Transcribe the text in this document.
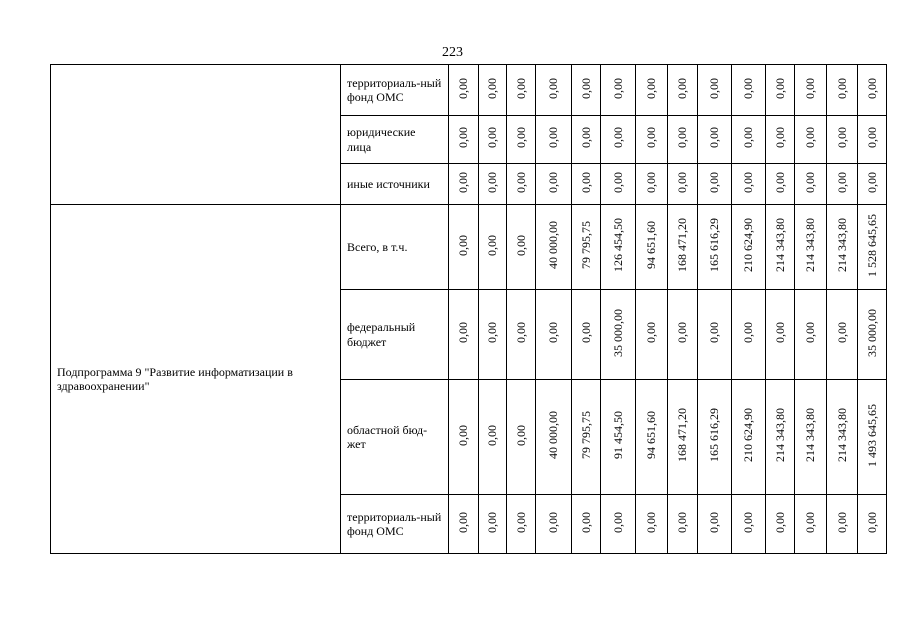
223
	территориаль-ный фонд ОМС	0,00	0,00	0,00	0,00	0,00	0,00	0,00	0,00	0,00	0,00	0,00	0,00	0,00	0,00
	юридические лица	0,00	0,00	0,00	0,00	0,00	0,00	0,00	0,00	0,00	0,00	0,00	0,00	0,00	0,00
	иные источники	0,00	0,00	0,00	0,00	0,00	0,00	0,00	0,00	0,00	0,00	0,00	0,00	0,00	0,00
Подпрограмма 9 "Развитие информатизации в здравоохранении"	Всего, в т.ч.	0,00	0,00	0,00	40 000,00	79 795,75	126 454,50	94 651,60	168 471,20	165 616,29	210 624,90	214 343,80	214 343,80	214 343,80	1 528 645,65
	федеральный бюджет	0,00	0,00	0,00	0,00	0,00	35 000,00	0,00	0,00	0,00	0,00	0,00	0,00	0,00	35 000,00
	областной бюд-жет	0,00	0,00	0,00	40 000,00	79 795,75	91 454,50	94 651,60	168 471,20	165 616,29	210 624,90	214 343,80	214 343,80	214 343,80	1 493 645,65
	территориаль-ный фонд ОМС	0,00	0,00	0,00	0,00	0,00	0,00	0,00	0,00	0,00	0,00	0,00	0,00	0,00	0,00
